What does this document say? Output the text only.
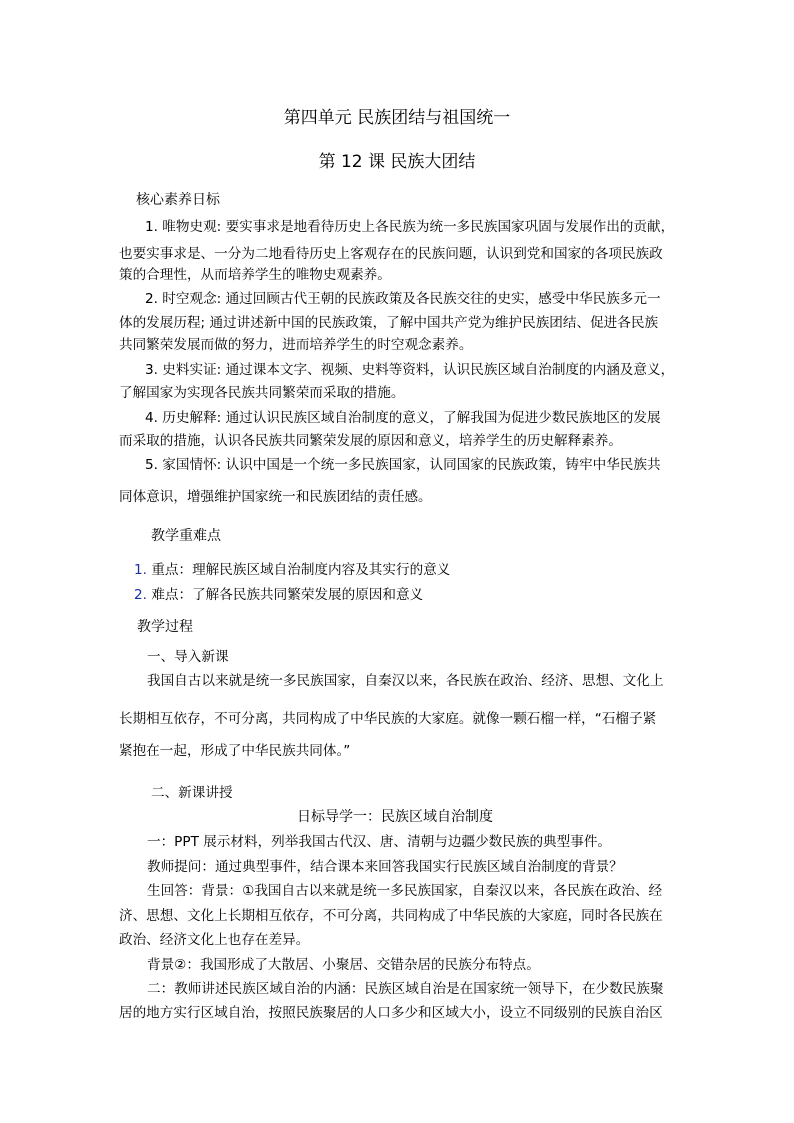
第四单元 民族团结与祖国统一

第 12 课 民族大团结

核心素养日标

1. 唯物史观: 要实事求是地看待历史上各民族为统一多民族国家巩固与发展作出的贡献，

也要实事求是、一分为二地看待历史上客观存在的民族问题，认识到党和国家的各项民族政

策的合理性，从而培养学生的唯物史观素养。

2. 时空观念: 通过回顾古代王朝的民族政策及各民族交往的史实，感受中华民族多元一

体的发展历程; 通过讲述新中国的民族政策，了解中国共产党为维护民族团结、促进各民族

共同繁荣发展而做的努力，进而培养学生的时空观念素养。

3. 史料实证: 通过课本文字、视频、史料等资料，认识民族区域自治制度的内涵及意义，

了解国家为实现各民族共同繁荣而采取的措施。

4. 历史解释: 通过认识民族区域自治制度的意义，了解我国为促进少数民族地区的发展

而采取的措施，认识各民族共同繁荣发展的原因和意义，培养学生的历史解释素养。

5. 家国情怀: 认识中国是一个统一多民族国家，认同国家的民族政策，铸牢中华民族共

同体意识，增强维护国家统一和民族团结的责任感。

教学重难点

1. 重点：理解民族区域自治制度内容及其实行的意义

2. 难点：了解各民族共同繁荣发展的原因和意义

教学过程

一、导入新课

我国自古以来就是统一多民族国家，自秦汉以来，各民族在政治、经济、思想、文化上

长期相互依存，不可分离，共同构成了中华民族的大家庭。就像一颗石榴一样，“石榴子紧

紧抱在一起，形成了中华民族共同体。”

二、新课讲授

日标导学一：民族区域自治制度

一：PPT 展示材料，列举我国古代汉、唐、清朝与边疆少数民族的典型事件。

教师提问：通过典型事件，结合课本来回答我国实行民族区域自治制度的背景？

生回答：背景：①我国自古以来就是统一多民族国家，自秦汉以来，各民族在政治、经

济、思想、文化上长期相互依存，不可分离，共同构成了中华民族的大家庭，同时各民族在

政治、经济文化上也存在差异。

背景②：我国形成了大散居、小聚居、交错杂居的民族分布特点。

二：教师讲述民族区域自治的内涵：民族区域自治是在国家统一领导下，在少数民族聚

居的地方实行区域自治，按照民族聚居的人口多少和区域大小，设立不同级别的民族自治区
